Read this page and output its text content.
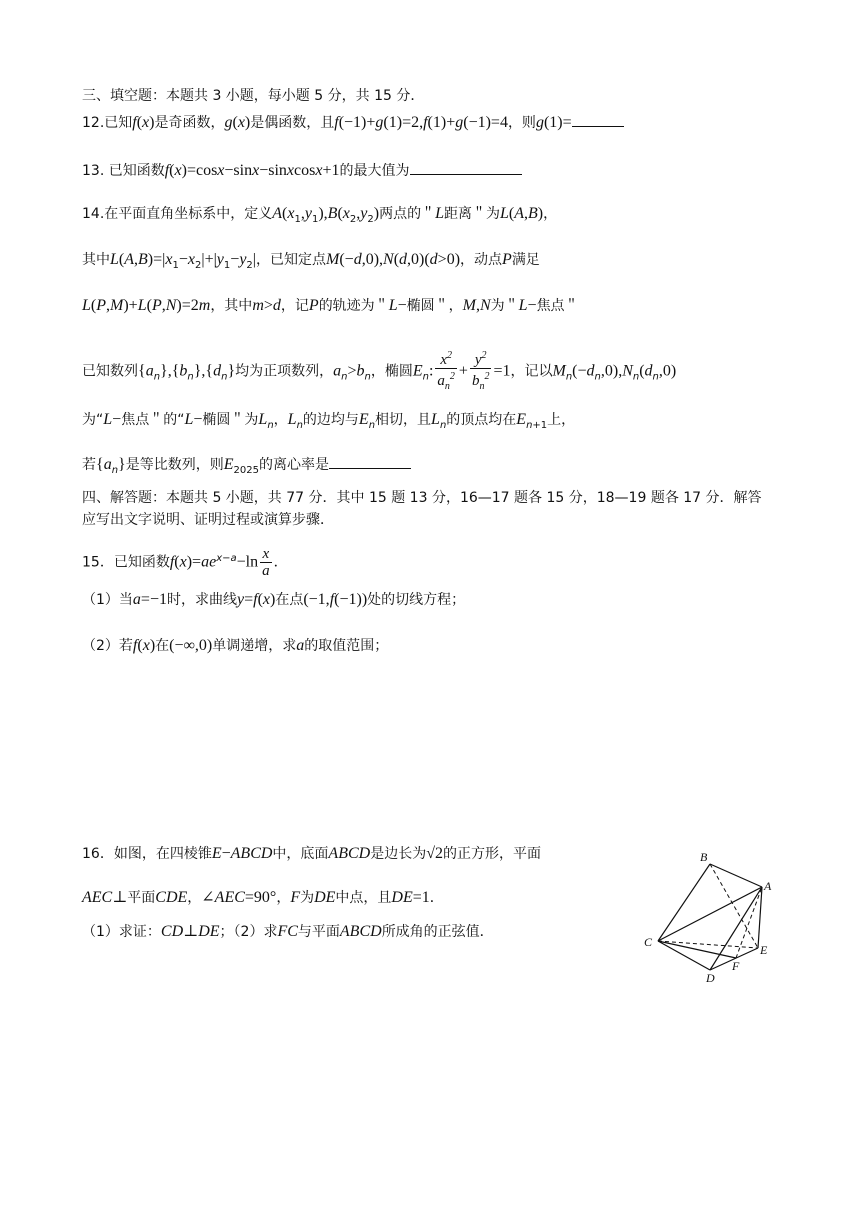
三、填空题：本题共 3 小题，每小题 5 分，共 15 分．
12.已知f(x)是奇函数，g(x)是偶函数，且f(−1)+g(1)=2,f(1)+g(−1)=4，则g(1)=
13. 已知函数f(x)=cosx−sinx−sinxcosx+1的最大值为
14.在平面直角坐标系中，定义$A(x_1,y_1),B(x_2,y_2)$两点的＂L距离＂为L(A,B)，
其中$L(A,B)=|x_1-x_2|+|y_1-y_2|$，已知定点M(−d,0),N(d,0)(d>0)，动点P满足
L(P,M)+L(P,N)=2m，其中m>d，记P的轨迹为＂L−椭圆＂，M,N为＂L−焦点＂
已知数列$\{a_n\},\{b_n\},\{d_n\}$均为正项数列，$a_n>b_n$，椭圆$E_n$: $\frac{x^2}{a_n^2} + \frac{y^2}{b_n^2} =1$，记以$M_n(-d_n,0),N_n(d_n,0)$
为“L−焦点＂的“L−椭圆＂为$L_n$，$L_n$的边均与$E_n$相切，且$L_n$的顶点均在$E_{n+1}$上，
若$\{a_n\}$是等比数列，则$E_{2025}$的离心率是
四、解答题：本题共 5 小题，共 77 分．其中 15 题 13 分，16—17 题各 15 分，18—19 题各 17 分．解答
应写出文字说明、证明过程或演算步骤．
15．已知函数$f(x)=ae^{x-a}-\ln \frac{x}{a}$ ．
（1）当a=−1时，求曲线y=f(x)在点(−1,f(−1))处的切线方程；
（2）若f(x)在(−∞,0)单调递增，求a的取值范围；
16．如图，在四棱锥E−ABCD中，底面ABCD是边长为√2的正方形，平面
AEC⊥平面CDE，∠AEC=90°，F为DE中点，且DE=1．
（1）求证：CD⊥DE；（2）求FC与平面ABCD所成角的正弦值．
B
A
C
E
D
F
